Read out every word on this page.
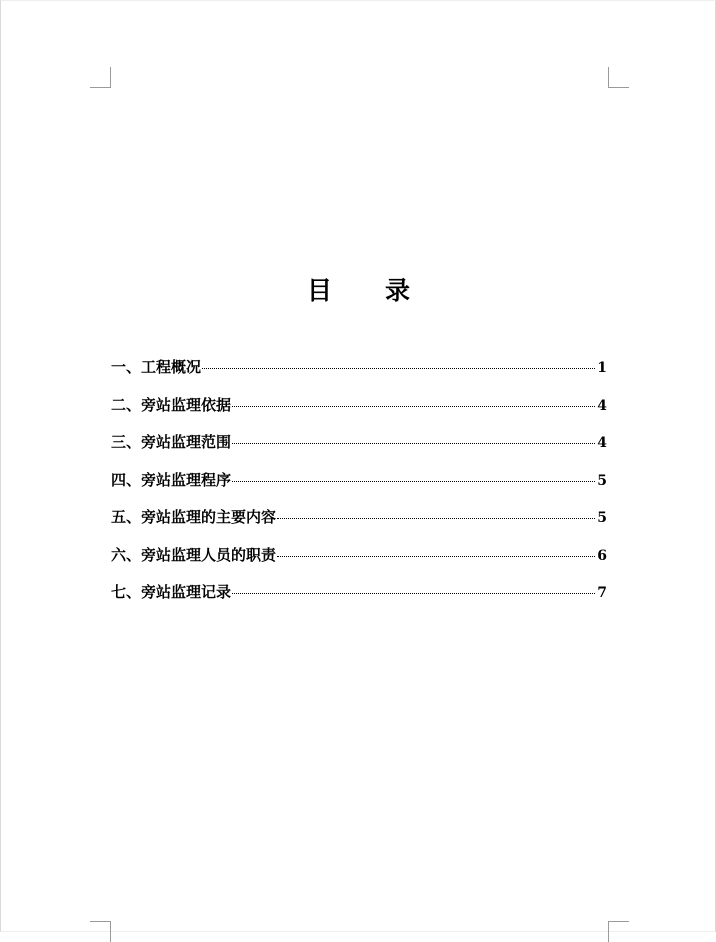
目　　录
一、工程概况	1
二、旁站监理依据	4
三、旁站监理范围	4
四、旁站监理程序	5
五、旁站监理的主要内容	5
六、旁站监理人员的职责	6
七、旁站监理记录	7
